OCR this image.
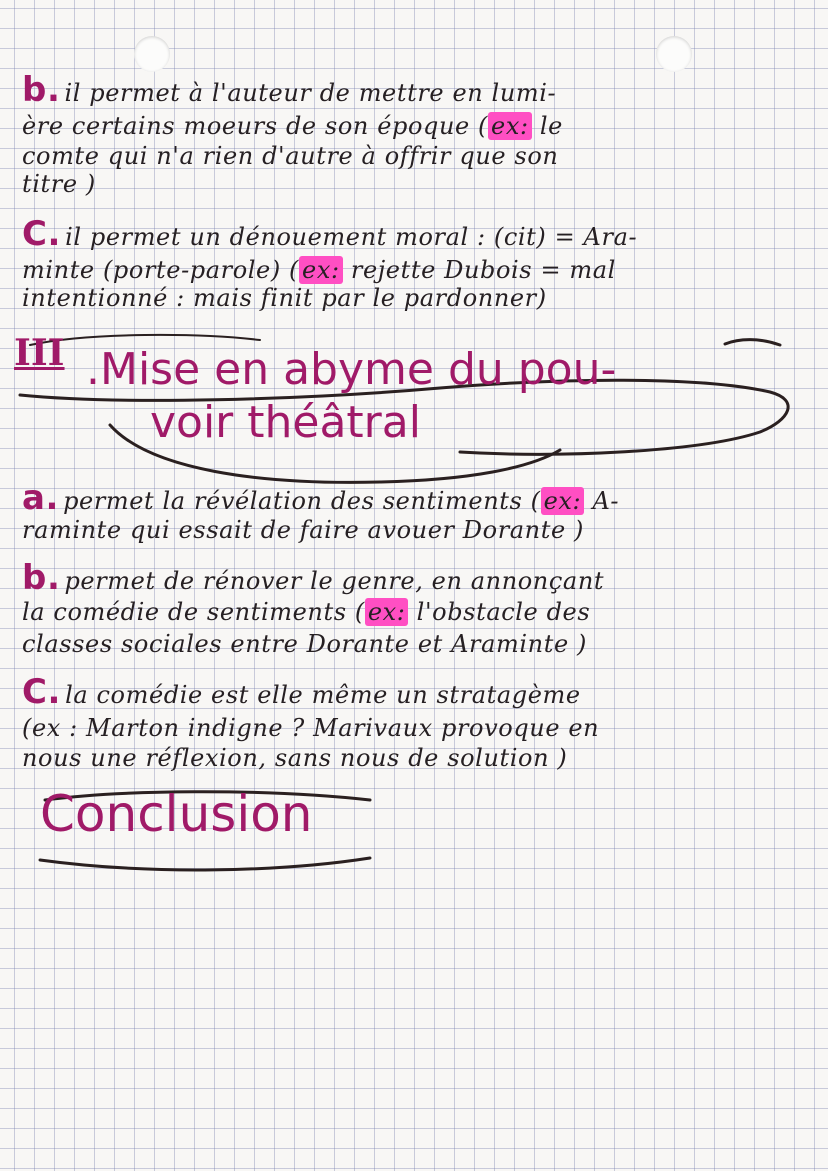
b. il permet à l'auteur de mettre en lumi-
ère certains moeurs de son époque ( ex: le
comte qui n'a rien d'autre à offrir que son
titre )
C. il permet un dénouement moral : (cit) = Ara-
minte (porte-parole) ( ex: rejette Dubois = mal
intentionné : mais finit par le pardonner)
III .Mise en abyme du pou-
voir théâtral
a. permet la révélation des sentiments ( ex: A-
raminte qui essait de faire avouer Dorante )
b. permet de rénover le genre, en annonçant
la comédie de sentiments ( ex: l'obstacle des
classes sociales entre Dorante et Araminte )
C. la comédie est elle même un stratagème
(ex : Marton indigne ? Marivaux provoque en
nous une réflexion, sans nous de solution )
Conclusion
